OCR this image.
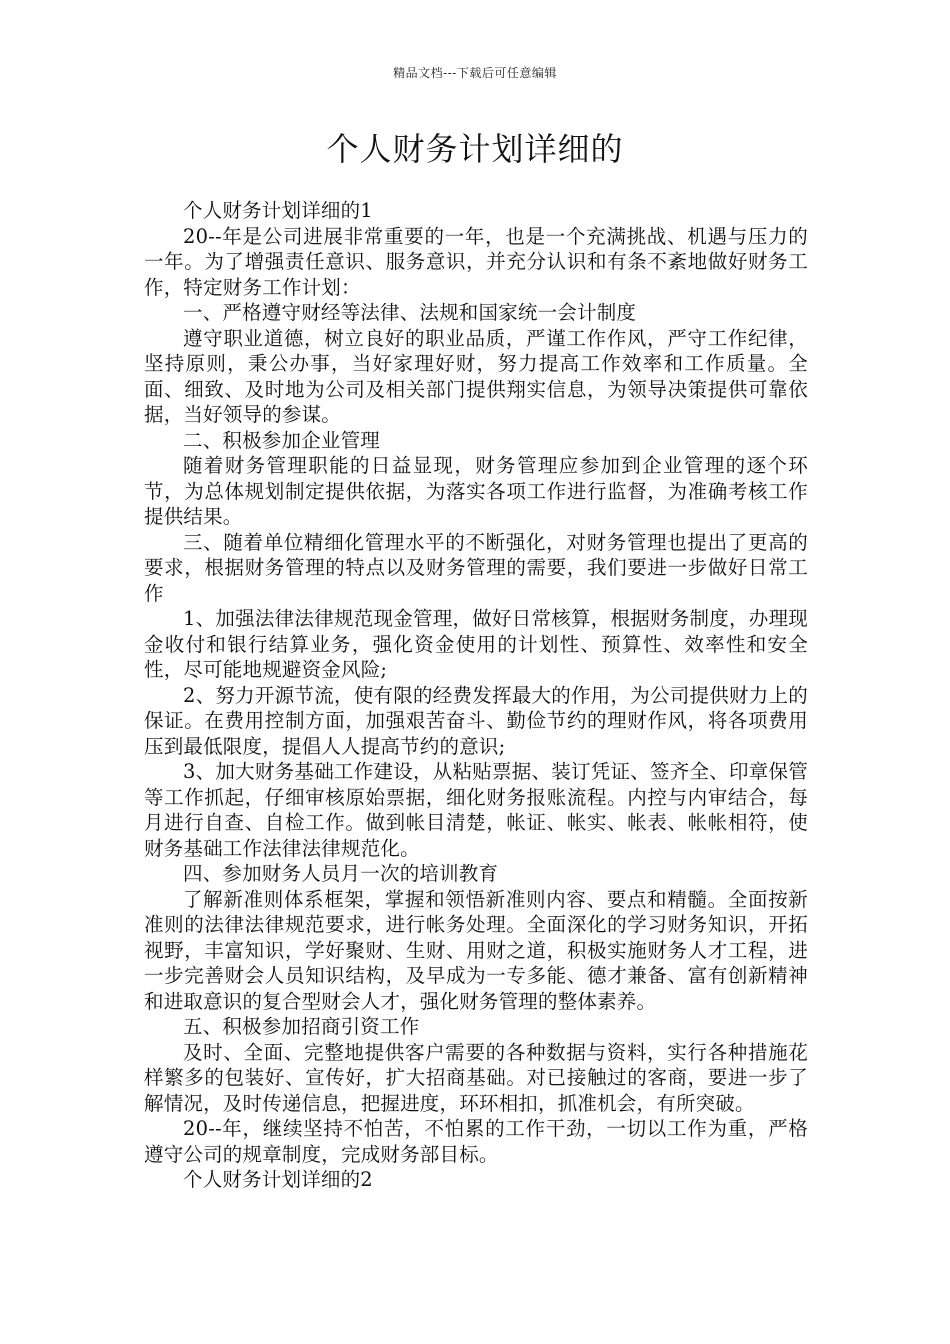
精品文档---下载后可任意编辑
个人财务计划详细的

个人财务计划详细的1

20--年是公司进展非常重要的一年，也是一个充满挑战、机遇与压力的一年。为了增强责任意识、服务意识，并充分认识和有条不紊地做好财务工作，特定财务工作计划：

一、严格遵守财经等法律、法规和国家统一会计制度

遵守职业道德，树立良好的职业品质，严谨工作作风，严守工作纪律，坚持原则，秉公办事，当好家理好财，努力提高工作效率和工作质量。全面、细致、及时地为公司及相关部门提供翔实信息，为领导决策提供可靠依据，当好领导的参谋。

二、积极参加企业管理

随着财务管理职能的日益显现，财务管理应参加到企业管理的逐个环节，为总体规划制定提供依据，为落实各项工作进行监督，为准确考核工作提供结果。

三、随着单位精细化管理水平的不断强化，对财务管理也提出了更高的要求，根据财务管理的特点以及财务管理的需要，我们要进一步做好日常工作

1、加强法律法律规范现金管理，做好日常核算，根据财务制度，办理现金收付和银行结算业务，强化资金使用的计划性、预算性、效率性和安全性，尽可能地规避资金风险;

2、努力开源节流，使有限的经费发挥最大的作用，为公司提供财力上的保证。在费用控制方面，加强艰苦奋斗、勤俭节约的理财作风，将各项费用压到最低限度，提倡人人提高节约的意识;

3、加大财务基础工作建设，从粘贴票据、装订凭证、签齐全、印章保管等工作抓起，仔细审核原始票据，细化财务报账流程。内控与内审结合，每月进行自查、自检工作。做到帐目清楚，帐证、帐实、帐表、帐帐相符，使财务基础工作法律法律规范化。

四、参加财务人员月一次的培训教育

了解新准则体系框架，掌握和领悟新准则内容、要点和精髓。全面按新准则的法律法律规范要求，进行帐务处理。全面深化的学习财务知识，开拓视野，丰富知识，学好聚财、生财、用财之道，积极实施财务人才工程，进一步完善财会人员知识结构，及早成为一专多能、德才兼备、富有创新精神和进取意识的复合型财会人才，强化财务管理的整体素养。

五、积极参加招商引资工作

及时、全面、完整地提供客户需要的各种数据与资料，实行各种措施花样繁多的包装好、宣传好，扩大招商基础。对已接触过的客商，要进一步了解情况，及时传递信息，把握进度，环环相扣，抓准机会，有所突破。

20--年，继续坚持不怕苦，不怕累的工作干劲，一切以工作为重，严格遵守公司的规章制度，完成财务部目标。

个人财务计划详细的2
